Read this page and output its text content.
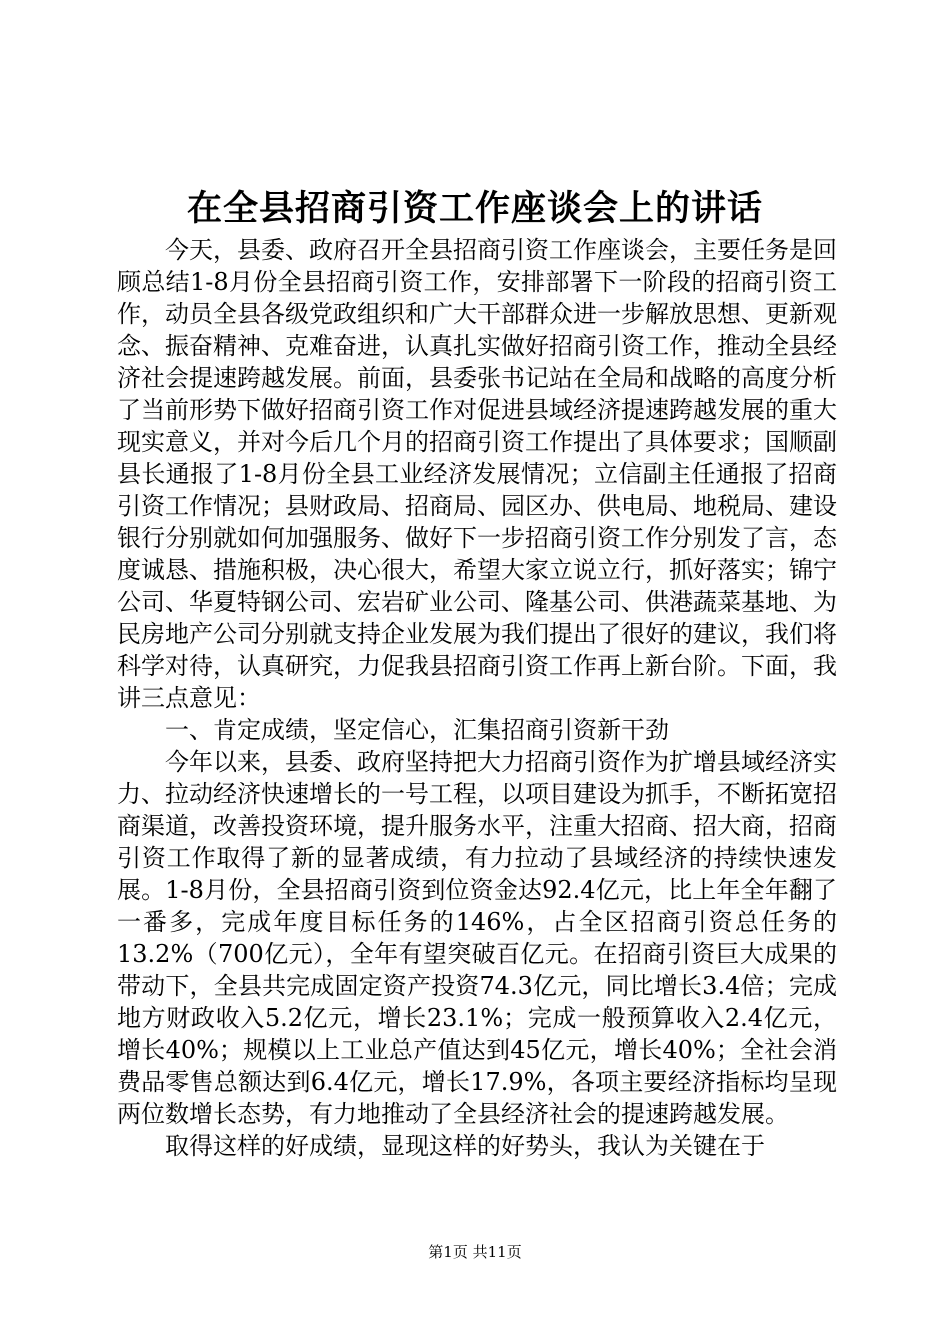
在全县招商引资工作座谈会上的讲话

今天，县委、政府召开全县招商引资工作座谈会，主要任务是回顾总结1-8月份全县招商引资工作，安排部署下一阶段的招商引资工作，动员全县各级党政组织和广大干部群众进一步解放思想、更新观念、振奋精神、克难奋进，认真扎实做好招商引资工作，推动全县经济社会提速跨越发展。前面，县委张书记站在全局和战略的高度分析了当前形势下做好招商引资工作对促进县域经济提速跨越发展的重大现实意义，并对今后几个月的招商引资工作提出了具体要求；国顺副县长通报了1-8月份全县工业经济发展情况；立信副主任通报了招商引资工作情况；县财政局、招商局、园区办、供电局、地税局、建设银行分别就如何加强服务、做好下一步招商引资工作分别发了言，态度诚恳、措施积极，决心很大，希望大家立说立行，抓好落实；锦宁公司、华夏特钢公司、宏岩矿业公司、隆基公司、供港蔬菜基地、为民房地产公司分别就支持企业发展为我们提出了很好的建议，我们将科学对待，认真研究，力促我县招商引资工作再上新台阶。下面，我讲三点意见：

一、肯定成绩，坚定信心，汇集招商引资新干劲

今年以来，县委、政府坚持把大力招商引资作为扩增县域经济实力、拉动经济快速增长的一号工程，以项目建设为抓手，不断拓宽招商渠道，改善投资环境，提升服务水平，注重大招商、招大商，招商引资工作取得了新的显著成绩，有力拉动了县域经济的持续快速发展。1-8月份，全县招商引资到位资金达92.4亿元，比上年全年翻了一番多，完成年度目标任务的146%，占全区招商引资总任务的13.2%（700亿元），全年有望突破百亿元。在招商引资巨大成果的带动下，全县共完成固定资产投资74.3亿元，同比增长3.4倍；完成地方财政收入5.2亿元，增长23.1%；完成一般预算收入2.4亿元，增长40%；规模以上工业总产值达到45亿元，增长40%；全社会消费品零售总额达到6.4亿元，增长17.9%，各项主要经济指标均呈现两位数增长态势，有力地推动了全县经济社会的提速跨越发展。

取得这样的好成绩，显现这样的好势头，我认为关键在于

第1页 共11页
